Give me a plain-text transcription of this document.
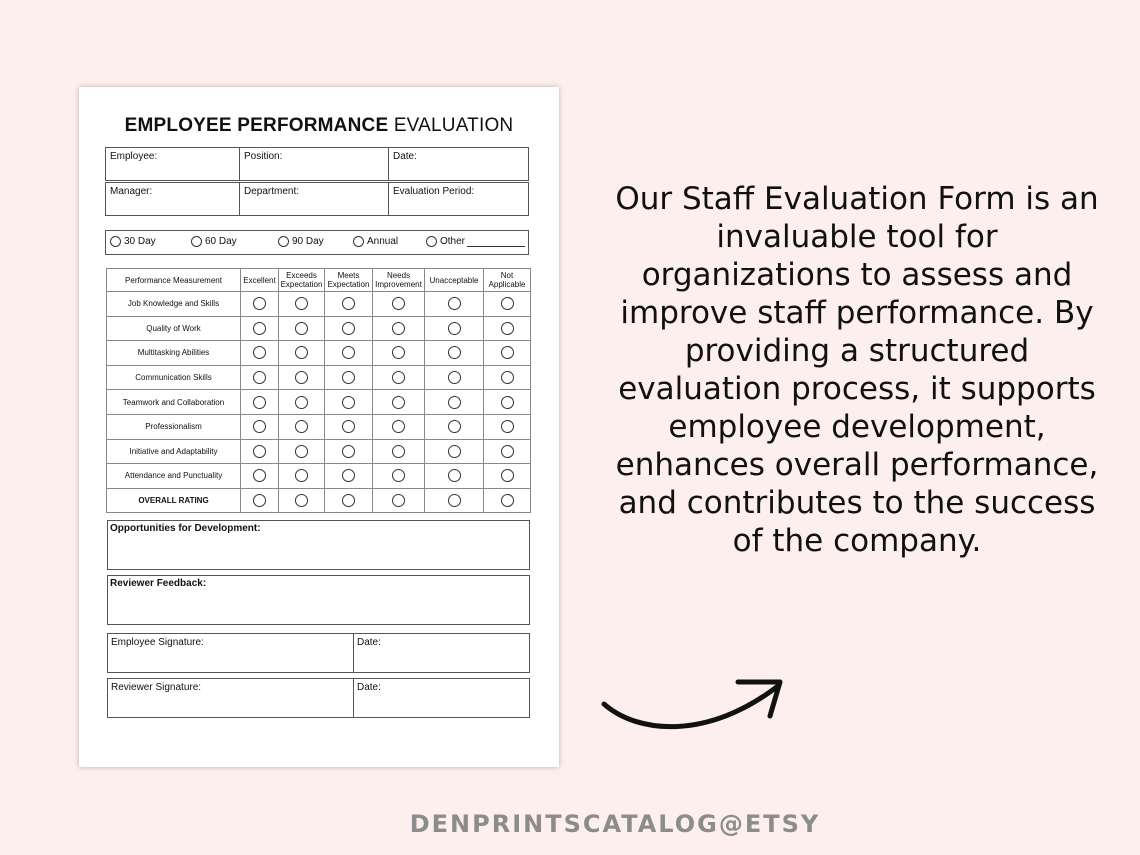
EMPLOYEE PERFORMANCE EVALUATION
Employee:	Position:	Date:
Manager:	Department:	Evaluation Period:
30 Day	60 Day	90 Day	Annual	Other
Performance Measurement	Excellent	Exceeds Expectation	Meets Expectation	Needs Improvement	Unacceptable	Not Applicable
Job Knowledge and Skills						
Quality of Work						
Multitasking Abilities						
Communication Skills						
Teamwork and Collaboration						
Professionalism						
Initiative and Adaptability						
Attendance and Punctuality						
OVERALL RATING						
Opportunities for Development:
Reviewer Feedback:
Employee Signature:	Date:
Reviewer Signature:	Date:
Our Staff Evaluation Form is an invaluable tool for organizations to assess and improve staff performance. By providing a structured evaluation process, it supports employee development, enhances overall performance, and contributes to the success of the company.
DENPRINTSCATALOG@ETSY
